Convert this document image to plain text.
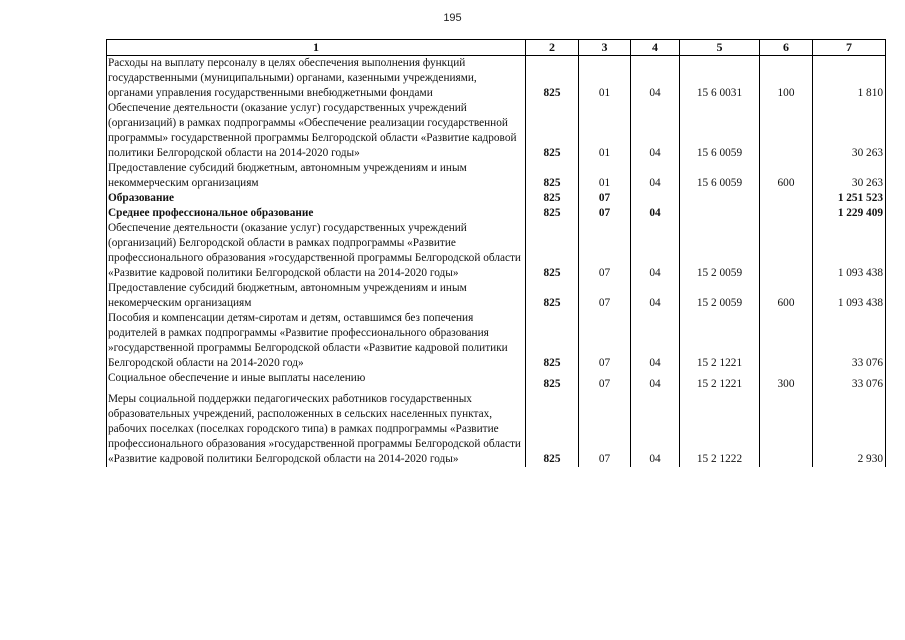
195
1	2	3	4	5	6	7
Расходы на выплату персоналу в целях обеспечения выполнения функций государственными (муниципальными) органами, казенными учреждениями, органами управления государственными внебюджетными фондами	825	01	04	15 6 0031	100	1 810
Обеспечение деятельности (оказание услуг) государственных учреждений (организаций) в рамках подпрограммы «Обеспечение реализации государственной программы» государственной программы Белгородской области «Развитие кадровой политики Белгородской области на 2014-2020 годы»	825	01	04	15 6 0059		30 263
Предоставление субсидий бюджетным, автономным учреждениям и иным некоммерческим организациям	825	01	04	15 6 0059	600	30 263
Образование	825	07				1 251 523
Среднее профессиональное образование	825	07	04			1 229 409
Обеспечение деятельности (оказание услуг) государственных учреждений (организаций) Белгородской области в рамках подпрограммы «Развитие профессионального образования »государственной программы Белгородской области «Развитие кадровой политики Белгородской области на 2014-2020 годы»	825	07	04	15 2 0059		1 093 438
Предоставление субсидий бюджетным, автономным учреждениям и иным некомерческим организациям	825	07	04	15 2 0059	600	1 093 438
Пособия и компенсации детям-сиротам и детям, оставшимся без попечения родителей в рамках подпрограммы «Развитие профессионального образования »государственной программы Белгородской области «Развитие кадровой политики Белгородской области на 2014-2020 год»	825	07	04	15 2 1221		33 076
Социальное обеспечение и иные выплаты населению	825	07	04	15 2 1221	300	33 076
Меры социальной поддержки педагогических работников государственных образовательных учреждений, расположенных в сельских населенных пунктах, рабочих поселках (поселках городского типа) в рамках подпрограммы «Развитие профессионального образования »государственной программы Белгородской области «Развитие кадровой политики Белгородской области на 2014-2020 годы»	825	07	04	15 2 1222		2 930
